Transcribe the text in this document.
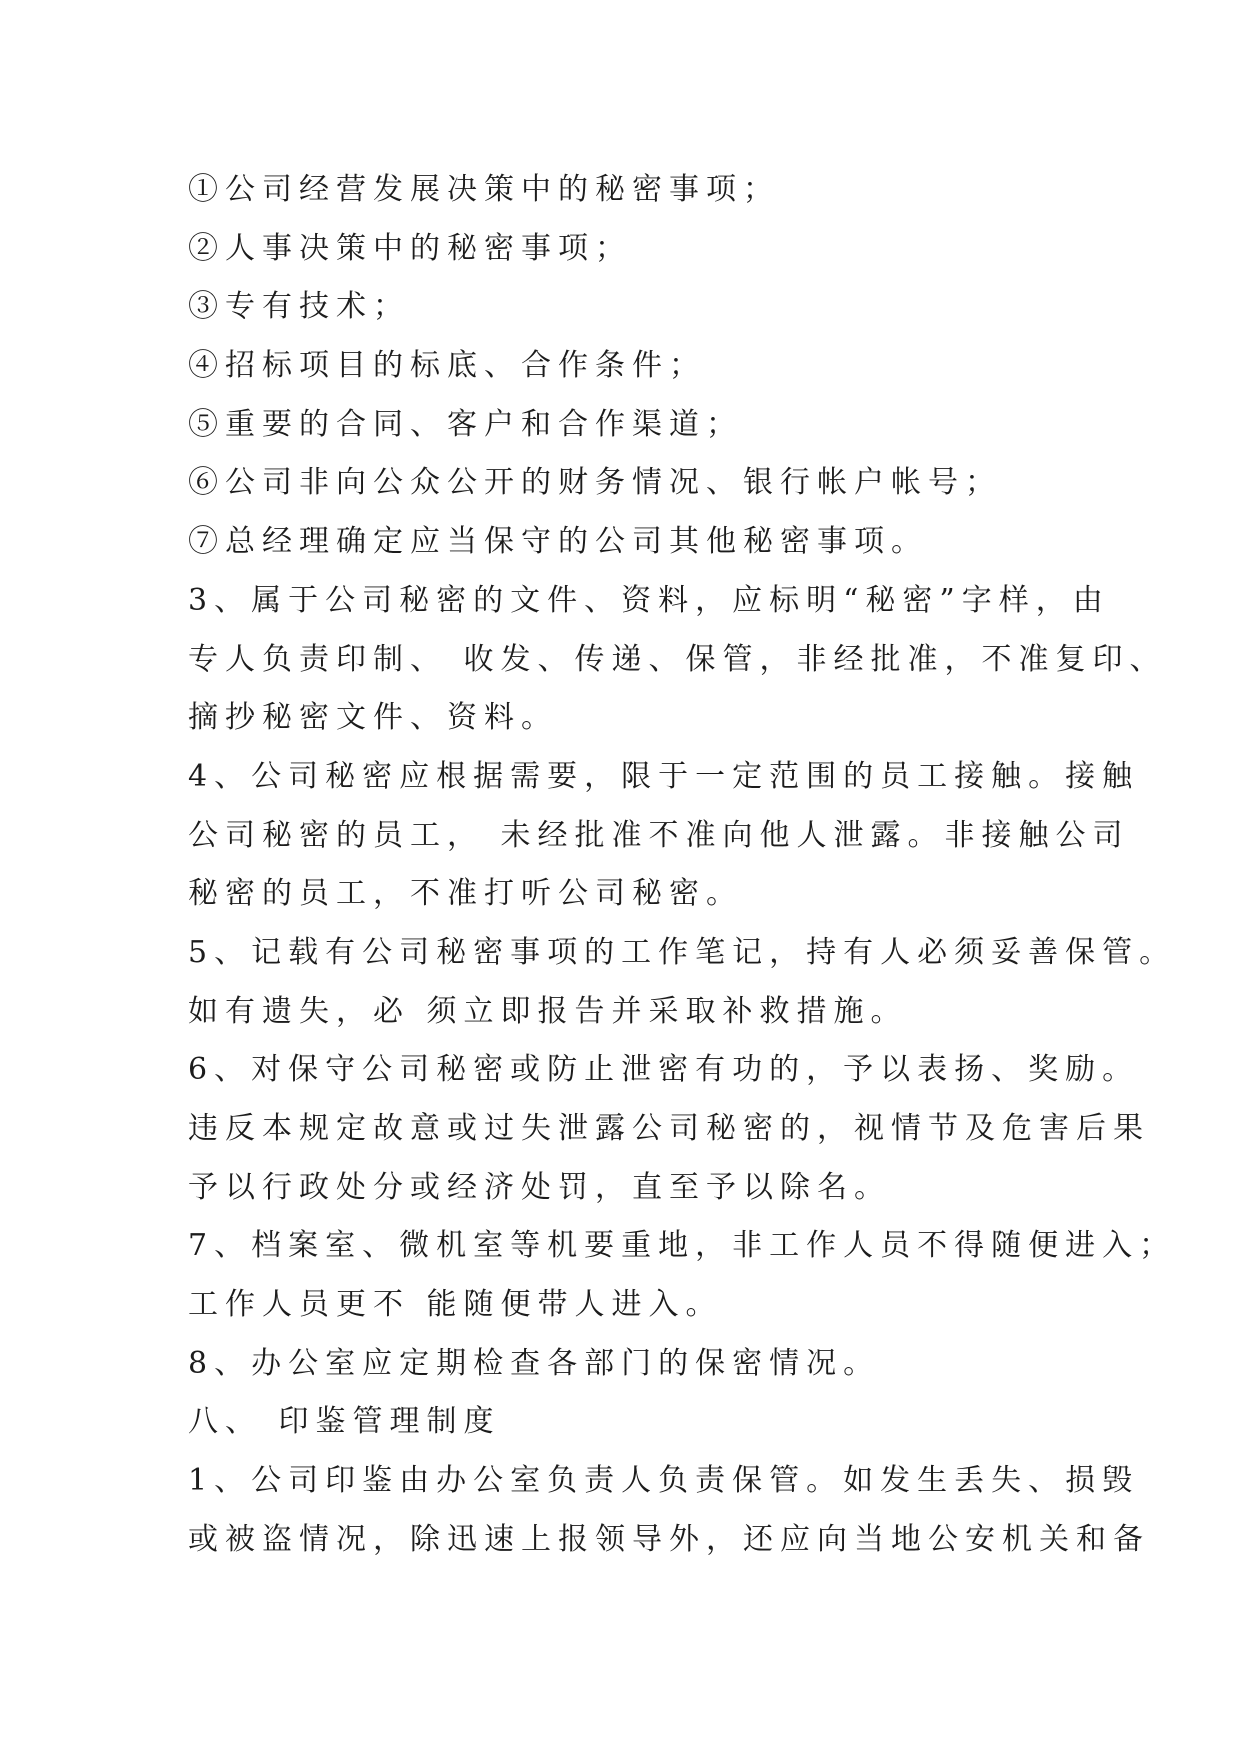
①公司经营发展决策中的秘密事项；
②人事决策中的秘密事项；
③专有技术；
④招标项目的标底、合作条件；
⑤重要的合同、客户和合作渠道；
⑥公司非向公众公开的财务情况、银行帐户帐号；
⑦总经理确定应当保守的公司其他秘密事项。
3、属于公司秘密的文件、资料，应标明“秘密”字样，由
专人负责印制、 收发、传递、保管，非经批准，不准复印、
摘抄秘密文件、资料。
4、公司秘密应根据需要，限于一定范围的员工接触。接触
公司秘密的员工， 未经批准不准向他人泄露。非接触公司
秘密的员工，不准打听公司秘密。
5、记载有公司秘密事项的工作笔记，持有人必须妥善保管。
如有遗失，必 须立即报告并采取补救措施。
6、对保守公司秘密或防止泄密有功的，予以表扬、奖励。
违反本规定故意或过失泄露公司秘密的，视情节及危害后果
予以行政处分或经济处罚，直至予以除名。
7、档案室、微机室等机要重地，非工作人员不得随便进入；
工作人员更不 能随便带人进入。
8、办公室应定期检查各部门的保密情况。
八、 印鉴管理制度
1、公司印鉴由办公室负责人负责保管。如发生丢失、损毁
或被盗情况，除迅速上报领导外，还应向当地公安机关和备
